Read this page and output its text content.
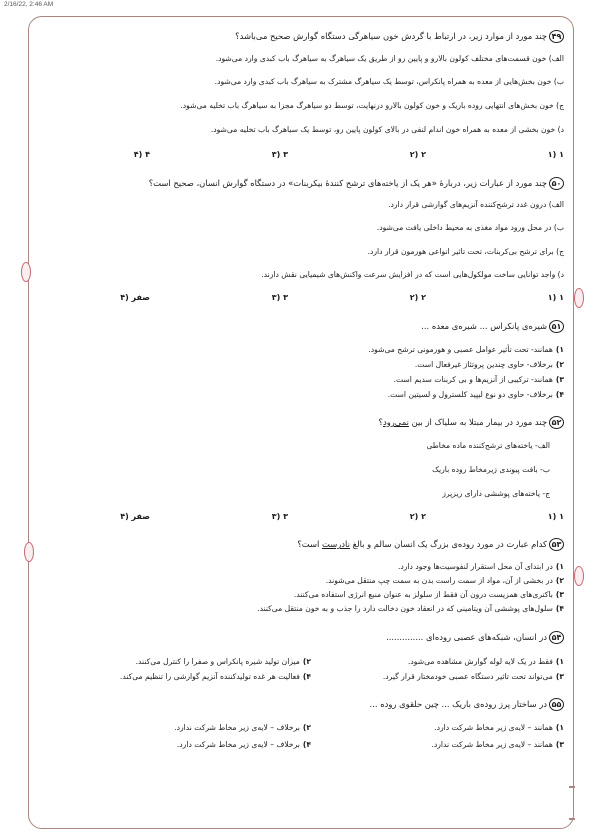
2/16/22, 2:46 AM
۴۹
چند مورد از موارد زیر، در ارتباط با گردش خون سیاهرگی دستگاه گوارش صحیح می‌باشد؟
الف) خون قسمت‌های مختلف کولون بالارو و پایین رو از طریق یک سیاهرگ به سیاهرگ باب کبدی وارد می‌شود.
ب) خون بخش‌هایی از معده به همراه پانکراس، توسط یک سیاهرگ مشترک به سیاهرگ باب کبدی وارد می‌شود.
ج) خون بخش‌های انتهایی روده باریک و خون کولون بالارو درنهایت، توسط دو سیاهرگ مجزا به سیاهرگ باب تخلیه می‌شود.
د) خون بخشی از معده به همراه خون اندام لنفی در بالای کولون پایین رو، توسط یک سیاهرگ باب تخلیه می‌شود.
۱ (۱
۲ (۲
۳ (۳
۴ (۴
۵۰
چند مورد از عبارات زیر، دربارهٔ «هر یک از یاخته‌های ترشح کنندهٔ بیکربنات» در دستگاه گوارش انسان، صحیح است؟
الف) درون غدد ترشح‌کننده آنزیم‌های گوارشی قرار دارد.
ب) در محل ورود مواد مغذی به محیط داخلی یافت می‌شود.
ج) برای ترشح بی‌کربنات، تحت تاثیر انواعی هورمون قرار دارد.
د) واجد توانایی ساخت مولکول‌هایی است که در افزایش سرعت واکنش‌های شیمیایی نقش دارند.
۱ (۱
۲ (۲
۳ (۳
صفر (۴
۵۱
شیره‌ی پانکراس ... شیره‌ی معده ...
۱)همانند- تحت تأثیر عوامل عصبی و هورمونی ترشح می‌شود.
۲)برخلاف- حاوی چندین پروتئاز غیرفعال است.
۳)همانند- ترکیبی از آنزیم‌ها و بی کربنات سدیم است.
۴)برخلاف- حاوی دو نوع لیپید کلسترول و لسیتین است.
۵۲
چند مورد در بیمار مبتلا به سلیاک از بین نمی‌رود؟
الف- یاخته‌های ترشح‌کننده ماده مخاطی
ب- بافت پیوندی زیرمخاط روده باریک
ج- یاخته‌های پوششی دارای ریزپرز
۱ (۱
۲ (۲
۳ (۳
صفر (۴
۵۳
کدام عبارت در مورد روده‌ی بزرگ یک انسان سالم و بالغ نادرست است؟
۱)در ابتدای آن محل استقرار لنفوسیت‌ها وجود دارد.
۲)در بخشی از آن، مواد از سمت راست بدن به سمت چپ منتقل می‌شوند.
۳)باکتری‌های همزیست درون آن فقط از سلولز به عنوان منبع انرژی استفاده می‌کنند.
۴)سلول‌های پوششی آن ویتامینی که در انعقاد خون دخالت دارد را جذب و به خون منتقل می‌کنند.
۵۴
در انسان، شبکه‌های عصبی روده‌ای ..............
۱)فقط در یک لایه لوله گوارش مشاهده می‌شود.
۲)میزان تولید شیره پانکراس و صفرا را کنترل می‌کنند.
۳)می‌تواند تحت تاثیر دستگاه عصبی خودمختار قرار گیرد.
۴)فعالیت هر غده تولیدکننده آنزیم گوارشی را تنظیم می‌کند.
۵۵
در ساختار پرز روده‌ی باریک ... چین حلقوی روده ...
۱)همانند – لایه‌ی زیر مخاط شرکت دارد.
۲)برخلاف – لایه‌ی زیر مخاط شرکت ندارد.
۳)همانند – لایه‌ی زیر مخاط شرکت ندارد.
۴)برخلاف – لایه‌ی زیر مخاط شرکت دارد.
